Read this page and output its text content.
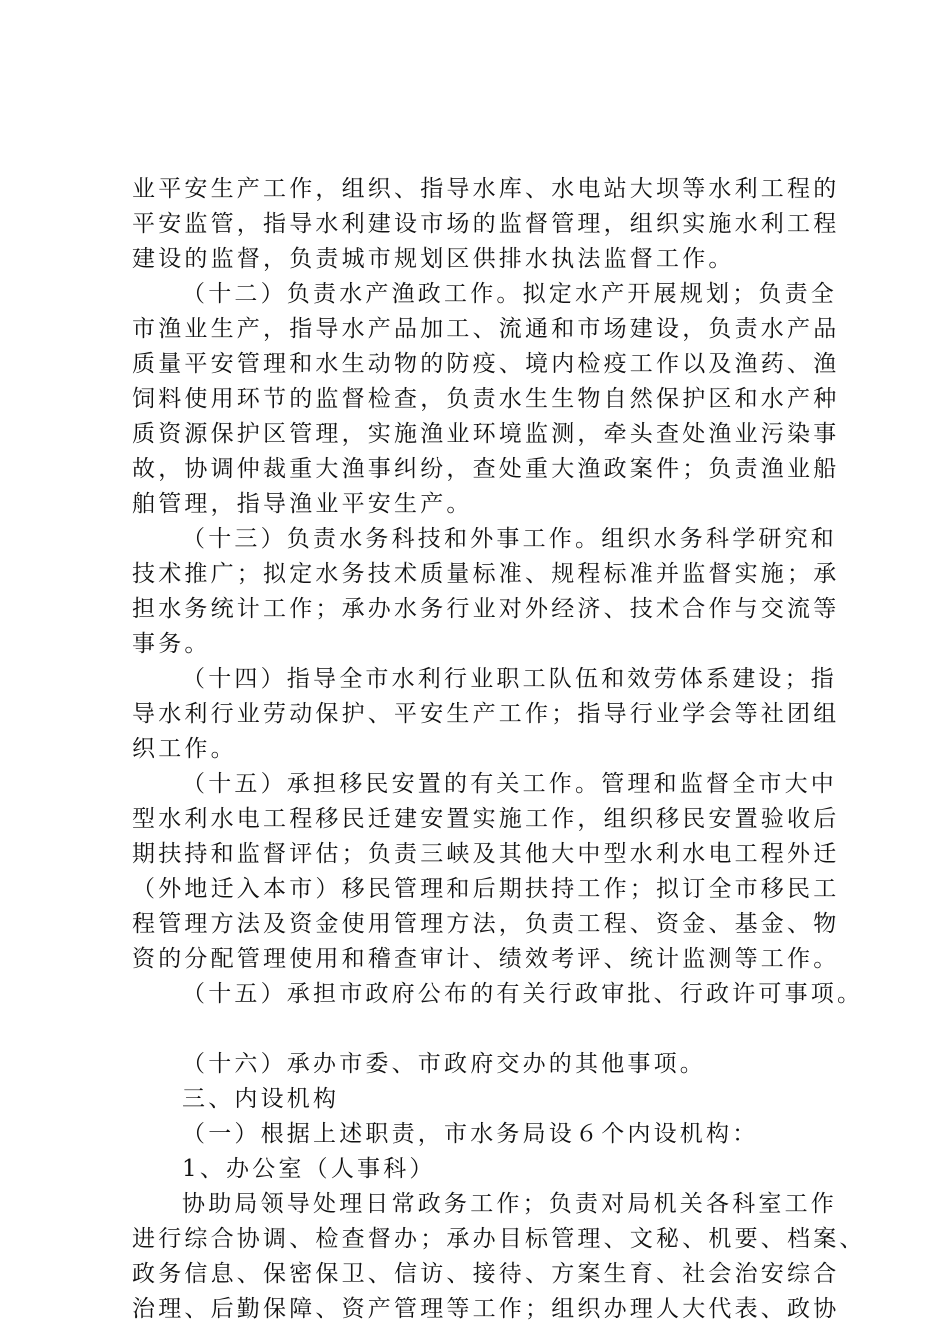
业平安生产工作，组织、指导水库、水电站大坝等水利工程的
平安监管，指导水利建设市场的监督管理，组织实施水利工程
建设的监督，负责城市规划区供排水执法监督工作。
（十二）负责水产渔政工作。拟定水产开展规划；负责全
市渔业生产，指导水产品加工、流通和市场建设，负责水产品
质量平安管理和水生动物的防疫、境内检疫工作以及渔药、渔
饲料使用环节的监督检查，负责水生生物自然保护区和水产种
质资源保护区管理，实施渔业环境监测，牵头查处渔业污染事
故，协调仲裁重大渔事纠纷，查处重大渔政案件；负责渔业船
舶管理，指导渔业平安生产。
（十三）负责水务科技和外事工作。组织水务科学研究和
技术推广；拟定水务技术质量标准、规程标准并监督实施；承
担水务统计工作；承办水务行业对外经济、技术合作与交流等
事务。
（十四）指导全市水利行业职工队伍和效劳体系建设；指
导水利行业劳动保护、平安生产工作；指导行业学会等社团组
织工作。
（十五）承担移民安置的有关工作。管理和监督全市大中
型水利水电工程移民迁建安置实施工作，组织移民安置验收后
期扶持和监督评估；负责三峡及其他大中型水利水电工程外迁
（外地迁入本市）移民管理和后期扶持工作；拟订全市移民工
程管理方法及资金使用管理方法，负责工程、资金、基金、物
资的分配管理使用和稽查审计、绩效考评、统计监测等工作。
（十五）承担市政府公布的有关行政审批、行政许可事项。
（十六）承办市委、市政府交办的其他事项。
三、内设机构
（一）根据上述职责，市水务局设６个内设机构：
1、办公室（人事科）
协助局领导处理日常政务工作；负责对局机关各科室工作
进行综合协调、检查督办；承办目标管理、文秘、机要、档案、
政务信息、保密保卫、信访、接待、方案生育、社会治安综合
治理、后勤保障、资产管理等工作；组织办理人大代表、政协
